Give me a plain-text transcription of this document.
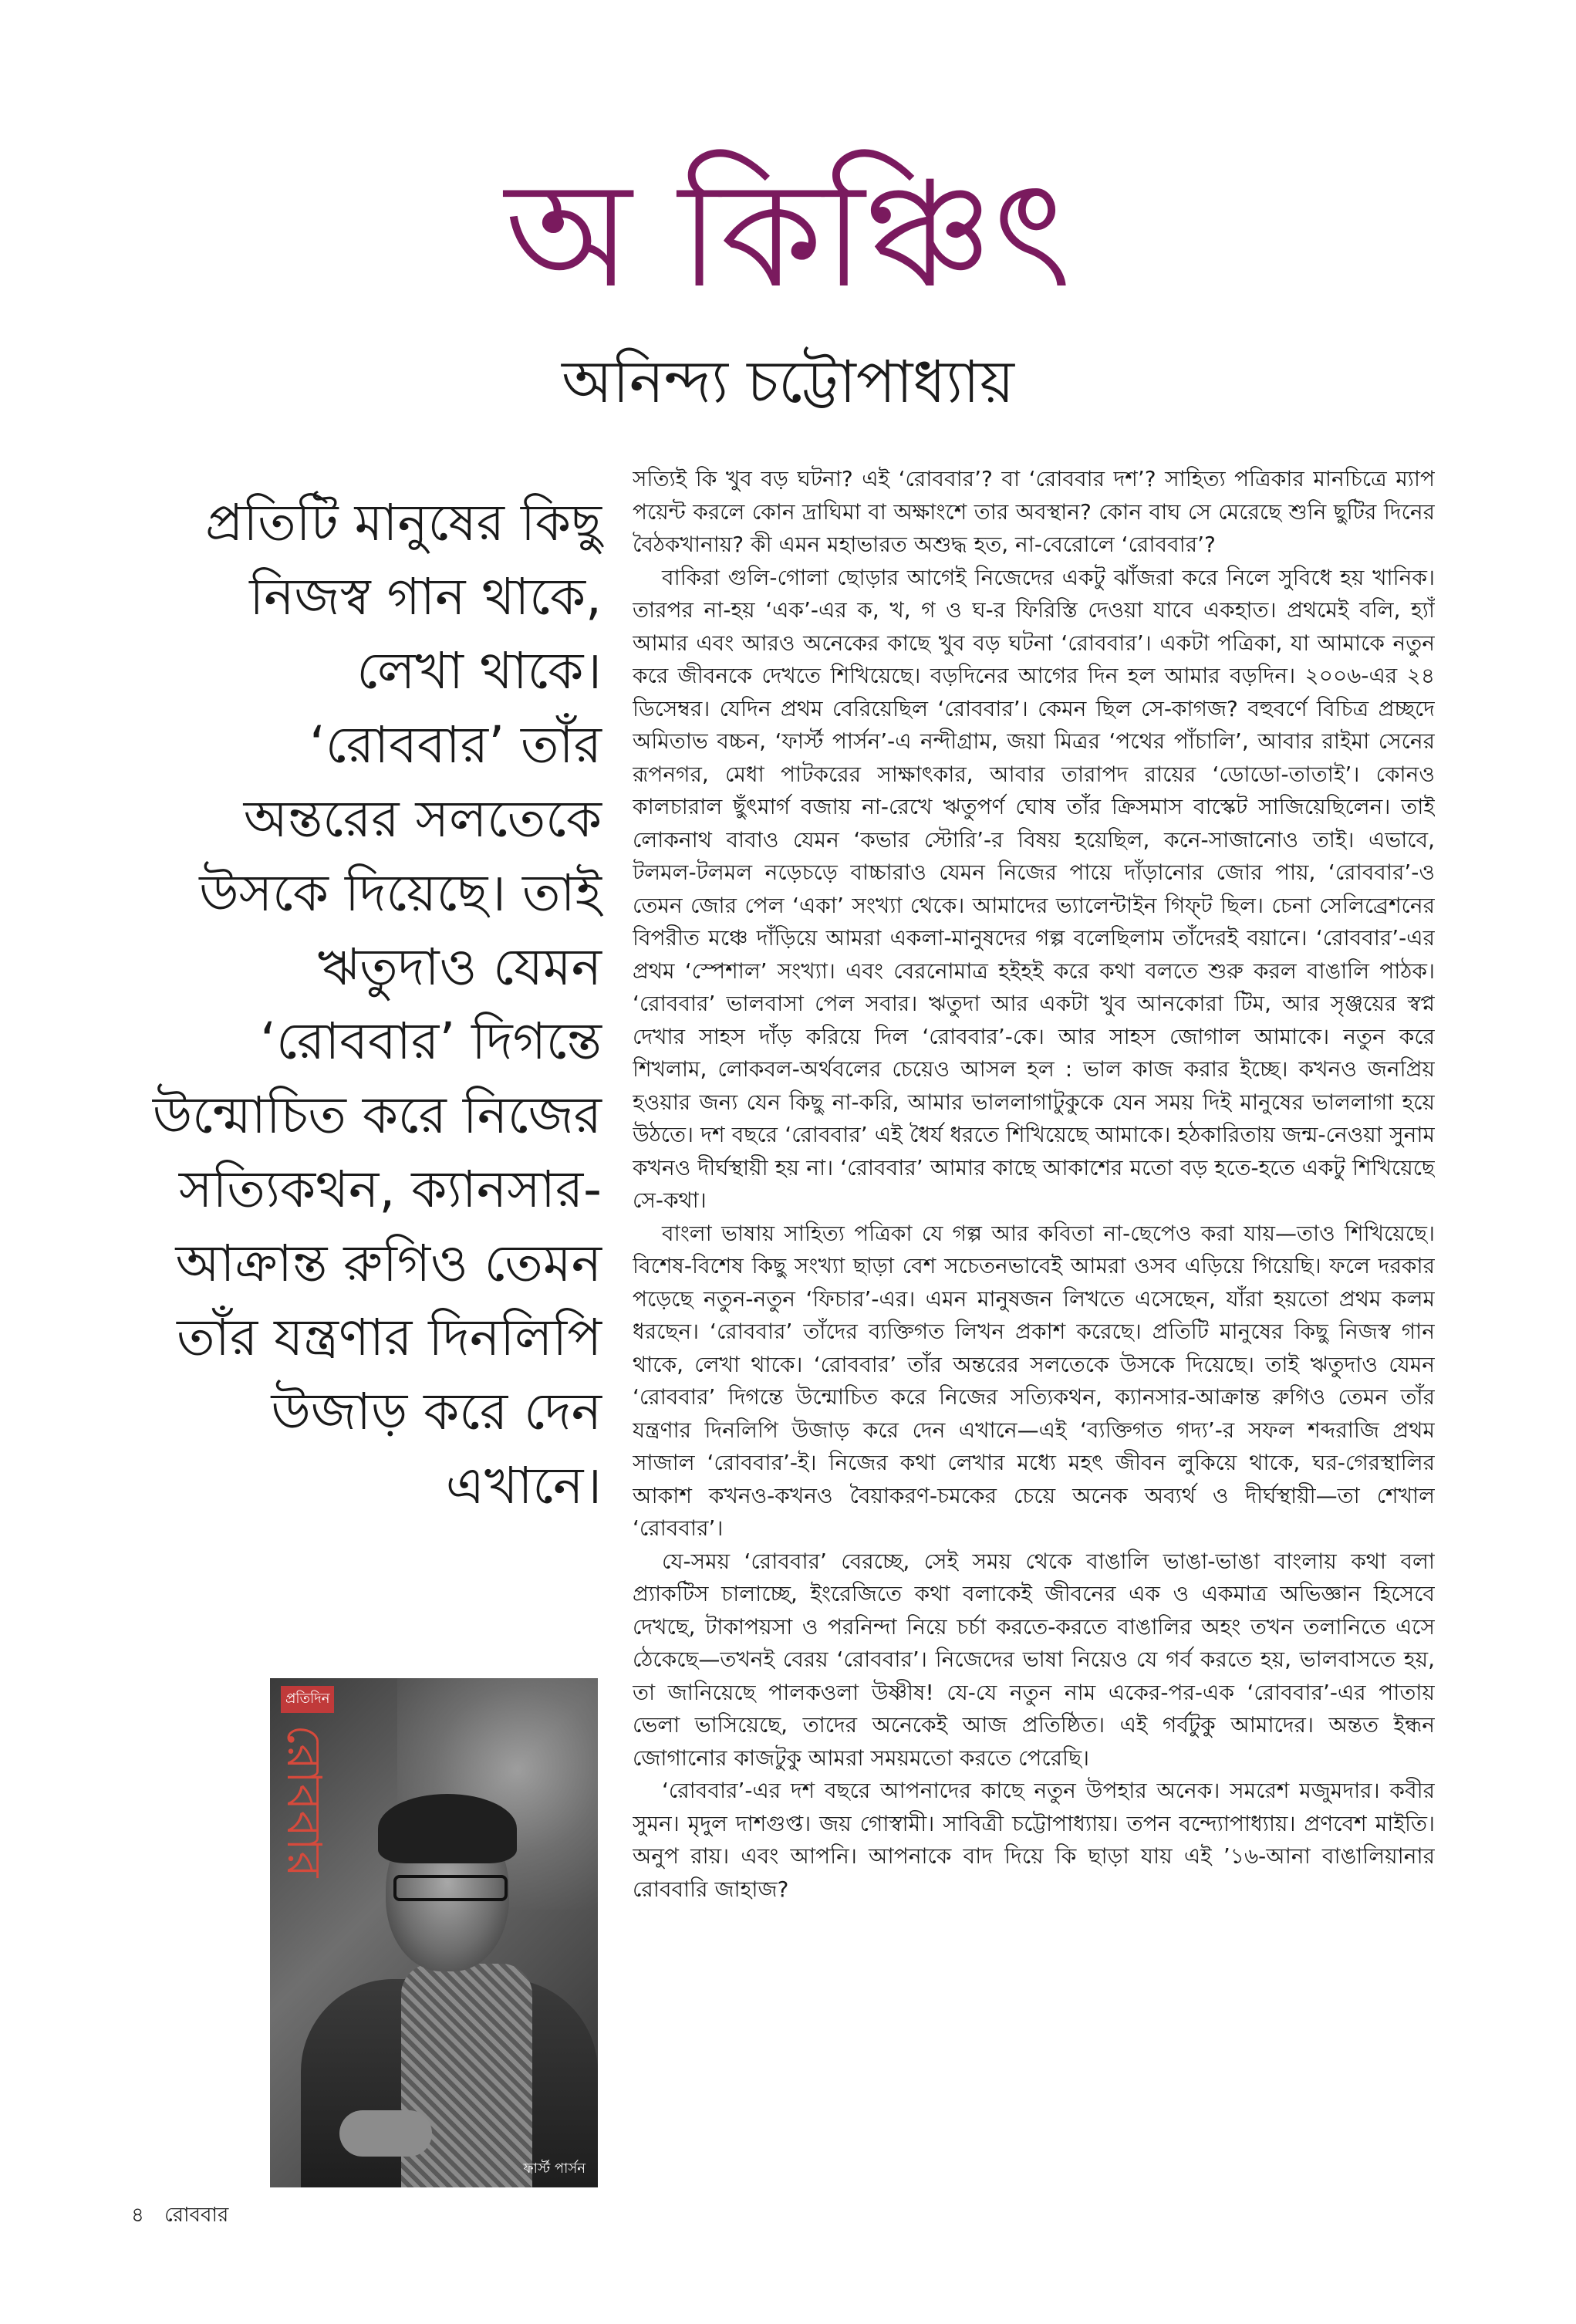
অ কিঞ্চিৎ
অনিন্দ্য চট্টোপাধ্যায়

প্রতিটি মানুষের কিছু নিজস্ব গান থাকে, লেখা থাকে। ‘রোববার’ তাঁর অন্তরের সলতেকে উসকে দিয়েছে। তাই ঋতুদাও যেমন ‘রোববার’ দিগন্তে উন্মোচিত করে নিজের সত্যিকথন, ক্যানসার-আক্রান্ত রুগিও তেমন তাঁর যন্ত্রণার দিনলিপি উজাড় করে দেন এখানে।

সত্যিই কি খুব বড় ঘটনা? এই ‘রোববার’? বা ‘রোববার দশ’? সাহিত্য পত্রিকার মানচিত্রে ম্যাপ পয়েন্ট করলে কোন দ্রাঘিমা বা অক্ষাংশে তার অবস্থান? কোন বাঘ সে মেরেছে শুনি ছুটির দিনের বৈঠকখানায়? কী এমন মহাভারত অশুদ্ধ হত, না-বেরোলে ‘রোববার’?

বাকিরা গুলি-গোলা ছোড়ার আগেই নিজেদের একটু ঝাঁজরা করে নিলে সুবিধে হয় খানিক। তারপর না-হয় ‘এক’-এর ক, খ, গ ও ঘ-র ফিরিস্তি দেওয়া যাবে একহাত। প্রথমেই বলি, হ্যাঁ আমার এবং আরও অনেকের কাছে খুব বড় ঘটনা ‘রোববার’। একটা পত্রিকা, যা আমাকে নতুন করে জীবনকে দেখতে শিখিয়েছে। বড়দিনের আগের দিন হল আমার বড়দিন। ২০০৬-এর ২৪ ডিসেম্বর। যেদিন প্রথম বেরিয়েছিল ‘রোববার’। কেমন ছিল সে-কাগজ? বহুবর্ণে বিচিত্র প্রচ্ছদে অমিতাভ বচ্চন, ‘ফার্স্ট পার্সন’-এ নন্দীগ্রাম, জয়া মিত্রর ‘পথের পাঁচালি’, আবার রাইমা সেনের রূপনগর, মেধা পাটকরের সাক্ষাৎকার, আবার তারাপদ রায়ের ‘ডোডো-তাতাই’। কোনও কালচারাল ছুঁৎমার্গ বজায় না-রেখে ঋতুপর্ণ ঘোষ তাঁর ক্রিসমাস বাস্কেট সাজিয়েছিলেন। তাই লোকনাথ বাবাও যেমন ‘কভার স্টোরি’-র বিষয় হয়েছিল, কনে-সাজানোও তাই। এভাবে, টলমল-টলমল নড়েচড়ে বাচ্চারাও যেমন নিজের পায়ে দাঁড়ানোর জোর পায়, ‘রোববার’-ও তেমন জোর পেল ‘একা’ সংখ্যা থেকে। আমাদের ভ্যালেন্টাইন গিফ্‌ট ছিল। চেনা সেলিব্রেশনের বিপরীত মঞ্চে দাঁড়িয়ে আমরা একলা-মানুষদের গল্প বলেছিলাম তাঁদেরই বয়ানে। ‘রোববার’-এর প্রথম ‘স্পেশাল’ সংখ্যা। এবং বেরনোমাত্র হইহই করে কথা বলতে শুরু করল বাঙালি পাঠক। ‘রোববার’ ভালবাসা পেল সবার। ঋতুদা আর একটা খুব আনকোরা টিম, আর সৃঞ্জয়ের স্বপ্ন দেখার সাহস দাঁড় করিয়ে দিল ‘রোববার’-কে। আর সাহস জোগাল আমাকে। নতুন করে শিখলাম, লোকবল-অর্থবলের চেয়েও আসল হল : ভাল কাজ করার ইচ্ছে। কখনও জনপ্রিয় হওয়ার জন্য যেন কিছু না-করি, আমার ভাললাগাটুকুকে যেন সময় দিই মানুষের ভাললাগা হয়ে উঠতে। দশ বছরে ‘রোববার’ এই ধৈর্য ধরতে শিখিয়েছে আমাকে। হঠকারিতায় জন্ম-নেওয়া সুনাম কখনও দীর্ঘস্থায়ী হয় না। ‘রোববার’ আমার কাছে আকাশের মতো বড় হতে-হতে একটু শিখিয়েছে সে-কথা।

বাংলা ভাষায় সাহিত্য পত্রিকা যে গল্প আর কবিতা না-ছেপেও করা যায়—তাও শিখিয়েছে। বিশেষ-বিশেষ কিছু সংখ্যা ছাড়া বেশ সচেতনভাবেই আমরা ওসব এড়িয়ে গিয়েছি। ফলে দরকার পড়েছে নতুন-নতুন ‘ফিচার’-এর। এমন মানুষজন লিখতে এসেছেন, যাঁরা হয়তো প্রথম কলম ধরছেন। ‘রোববার’ তাঁদের ব্যক্তিগত লিখন প্রকাশ করেছে। প্রতিটি মানুষের কিছু নিজস্ব গান থাকে, লেখা থাকে। ‘রোববার’ তাঁর অন্তরের সলতেকে উসকে দিয়েছে। তাই ঋতুদাও যেমন ‘রোববার’ দিগন্তে উন্মোচিত করে নিজের সত্যিকথন, ক্যানসার-আক্রান্ত রুগিও তেমন তাঁর যন্ত্রণার দিনলিপি উজাড় করে দেন এখানে—এই ‘ব্যক্তিগত গদ্য’-র সফল শব্দরাজি প্রথম সাজাল ‘রোববার’-ই। নিজের কথা লেখার মধ্যে মহৎ জীবন লুকিয়ে থাকে, ঘর-গেরস্থালির আকাশ কখনও-কখনও বৈয়াকরণ-চমকের চেয়ে অনেক অব্যর্থ ও দীর্ঘস্থায়ী—তা শেখাল ‘রোববার’।

যে-সময় ‘রোববার’ বেরচ্ছে, সেই সময় থেকে বাঙালি ভাঙা-ভাঙা বাংলায় কথা বলা প্র্যাকটিস চালাচ্ছে, ইংরেজিতে কথা বলাকেই জীবনের এক ও একমাত্র অভিজ্ঞান হিসেবে দেখছে, টাকাপয়সা ও পরনিন্দা নিয়ে চর্চা করতে-করতে বাঙালির অহং তখন তলানিতে এসে ঠেকেছে—তখনই বেরয় ‘রোববার’। নিজেদের ভাষা নিয়েও যে গর্ব করতে হয়, ভালবাসতে হয়, তা জানিয়েছে পালকওলা উষ্ণীষ! যে-যে নতুন নাম একের-পর-এক ‘রোববার’-এর পাতায় ভেলা ভাসিয়েছে, তাদের অনেকেই আজ প্রতিষ্ঠিত। এই গর্বটুকু আমাদের। অন্তত ইন্ধন জোগানোর কাজটুকু আমরা সময়মতো করতে পেরেছি।

‘রোববার’-এর দশ বছরে আপনাদের কাছে নতুন উপহার অনেক। সমরেশ মজুমদার। কবীর সুমন। মৃদুল দাশগুপ্ত। জয় গোস্বামী। সাবিত্রী চট্টোপাধ্যায়। তপন বন্দ্যোপাধ্যায়। প্রণবেশ মাইতি। অনুপ রায়। এবং আপনি। আপনাকে বাদ দিয়ে কি ছাড়া যায় এই ’১৬-আনা বাঙালিয়ানার রোববারি জাহাজ?

প্রতিদিন
রোববার
ফার্স্ট পার্সন
৪ রোববার
